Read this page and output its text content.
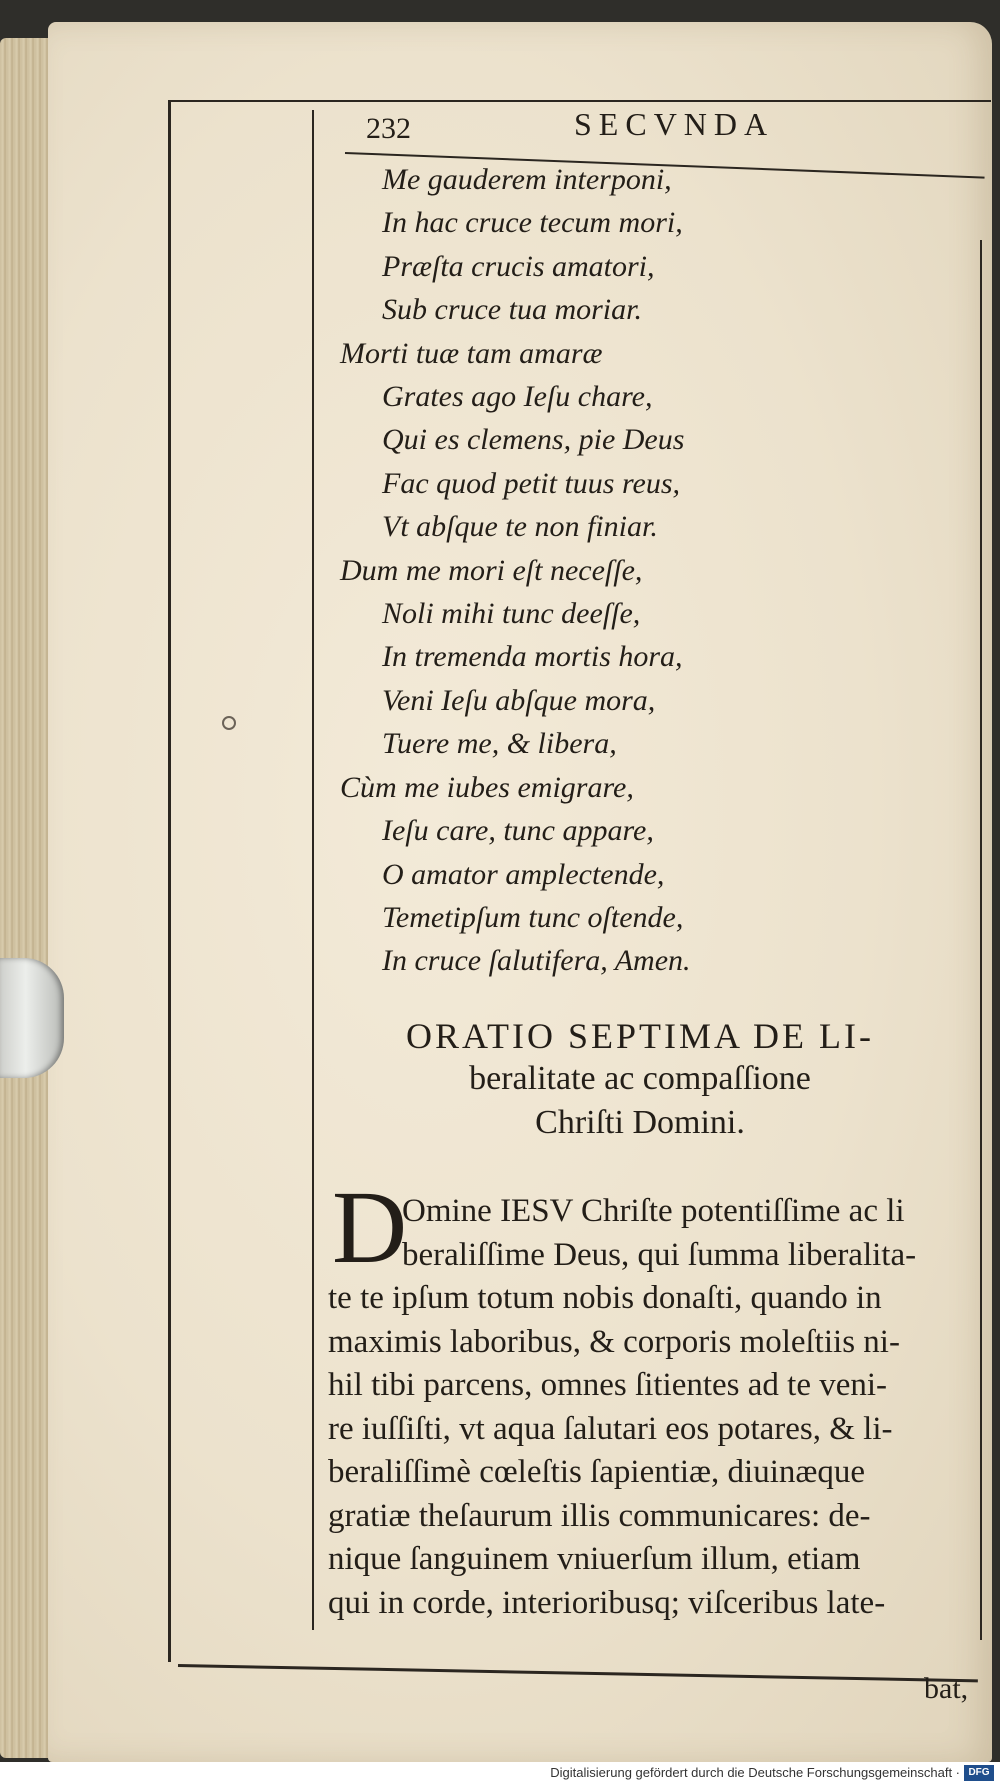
232	SECVNDA
Me gauderem interponi,
In hac cruce tecum mori,
Præſta crucis amatori,
Sub cruce tua moriar.
Morti tuæ tam amaræ
Grates ago Ieſu chare,
Qui es clemens, pie Deus
Fac quod petit tuus reus,
Vt abſque te non finiar.
Dum me mori eſt neceſſe,
Noli mihi tunc deeſſe,
In tremenda mortis hora,
Veni Ieſu abſque mora,
Tuere me, & libera,
Cùm me iubes emigrare,
Ieſu care, tunc appare,
O amator amplectende,
Temetipſum tunc oſtende,
In cruce ſalutifera, Amen.
ORATIO SEPTIMA DE LI-
beralitate ac compaſſione
Chriſti Domini.
D
Omine IESV Chriſte potentiſſime ac li
beraliſſime Deus, qui ſumma liberalita-
te te ipſum totum nobis donaſti, quando in
maximis laboribus, & corporis moleſtiis ni-
hil tibi parcens, omnes ſitientes ad te veni-
re iuſſiſti, vt aqua ſalutari eos potares, & li-
beraliſſimè cœleſtis ſapientiæ, diuinæque
gratiæ theſaurum illis communicares: de-
nique ſanguinem vniuerſum illum, etiam
qui in corde, interioribusq; viſceribus late-
bat,
Digitalisierung gefördert durch die Deutsche Forschungsgemeinschaft · DFG
